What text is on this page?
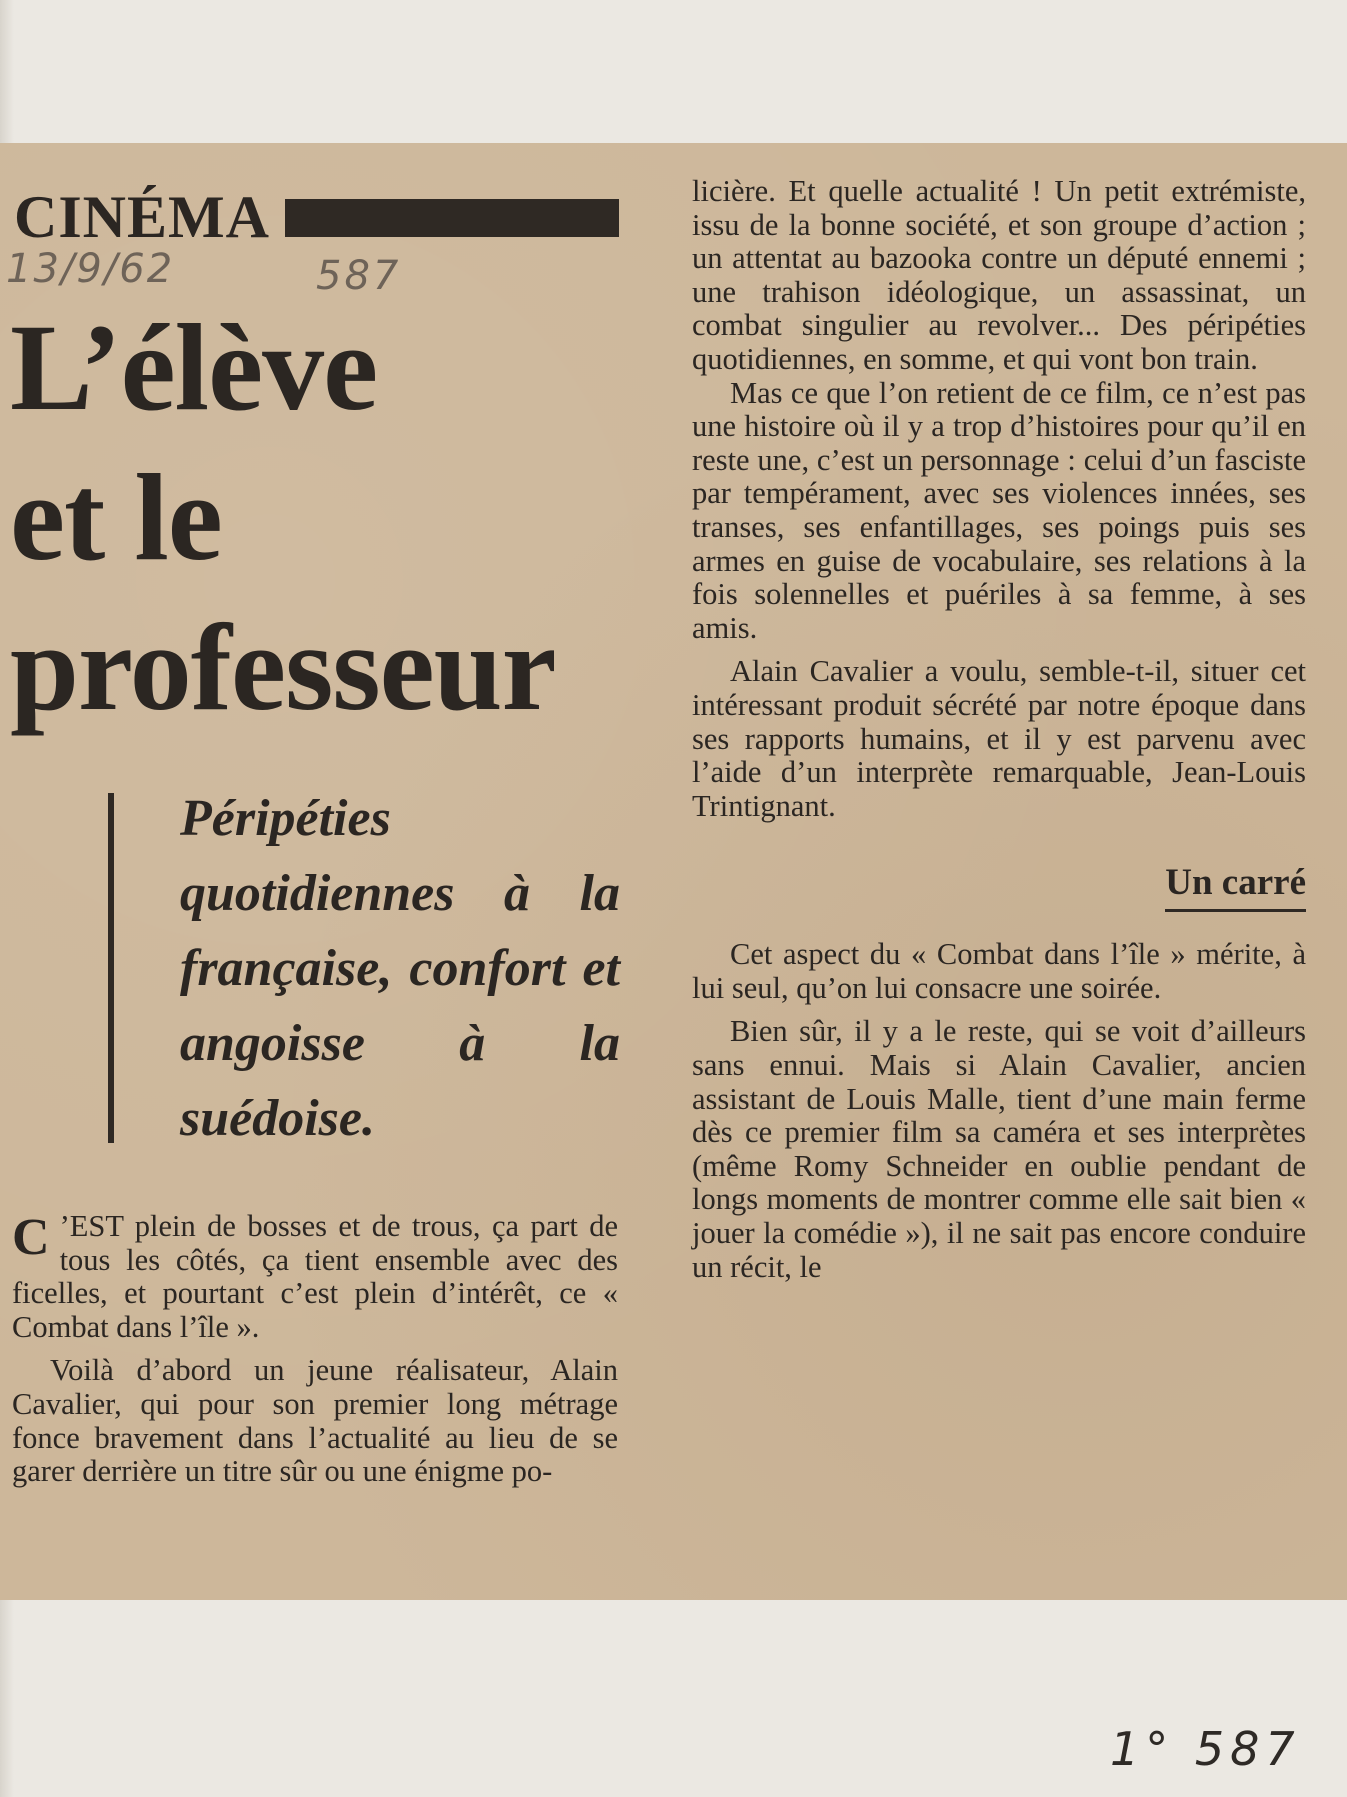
CINÉMA
13/9/62	587
L’élève
et le
professeur

Péripéties quotidiennes à la française, confort et angoisse à la suédoise.

C ’EST plein de bosses et de trous, ça part de tous les côtés, ça tient ensemble avec des ficelles, et pourtant c’est plein d’intérêt, ce « Combat dans l’île ».

Voilà d’abord un jeune réalisateur, Alain Cavalier, qui pour son premier long métrage fonce bravement dans l’actualité au lieu de se garer derrière un titre sûr ou une énigme po-

licière. Et quelle actualité ! Un petit extrémiste, issu de la bonne société, et son groupe d’action ; un attentat au bazooka contre un député ennemi ; une trahison idéologique, un assassinat, un combat singulier au revolver... Des péripéties quotidiennes, en somme, et qui vont bon train.

Mas ce que l’on retient de ce film, ce n’est pas une histoire où il y a trop d’histoires pour qu’il en reste une, c’est un personnage : celui d’un fasciste par tempérament, avec ses violences innées, ses transes, ses enfantillages, ses poings puis ses armes en guise de vocabulaire, ses relations à la fois solennelles et puériles à sa femme, à ses amis.

Alain Cavalier a voulu, semble-t-il, situer cet intéressant produit sécrété par notre époque dans ses rapports humains, et il y est parvenu avec l’aide d’un interprète remarquable, Jean-Louis Trintignant.

Un carré

Cet aspect du « Combat dans l’île » mérite, à lui seul, qu’on lui consacre une soirée.

Bien sûr, il y a le reste, qui se voit d’ailleurs sans ennui. Mais si Alain Cavalier, ancien assistant de Louis Malle, tient d’une main ferme dès ce premier film sa caméra et ses interprètes (même Romy Schneider en oublie pendant de longs moments de montrer comme elle sait bien « jouer la comédie »), il ne sait pas encore conduire un récit, le

1° 587
